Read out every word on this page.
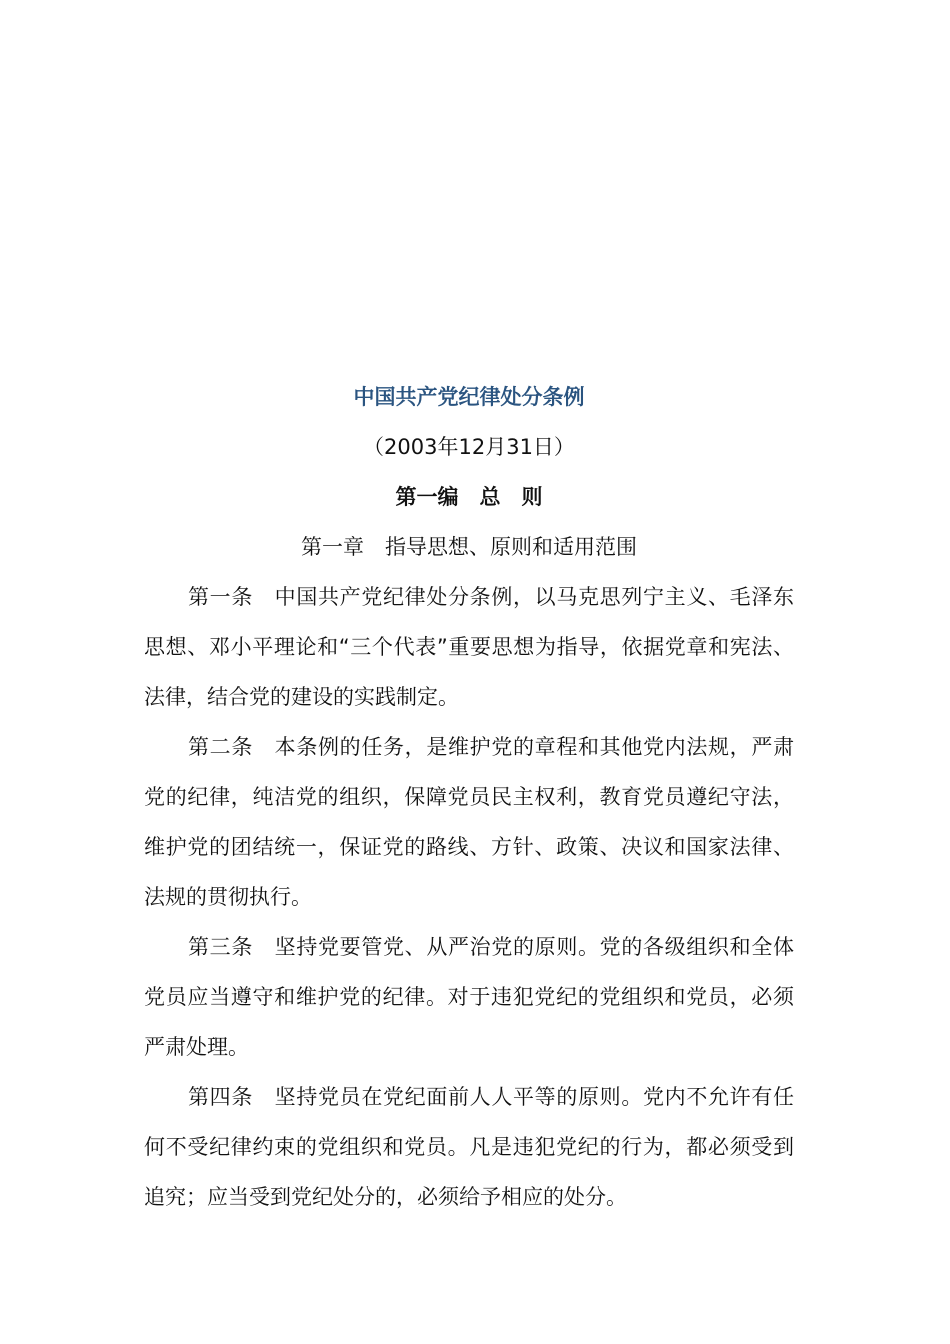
中国共产党纪律处分条例

（2003年12月31日）

第一编　总　则

第一章　指导思想、原则和适用范围

第一条　中国共产党纪律处分条例，以马克思列宁主义、毛泽东思想、邓小平理论和“三个代表”重要思想为指导，依据党章和宪法、法律，结合党的建设的实践制定。

第二条　本条例的任务，是维护党的章程和其他党内法规，严肃党的纪律，纯洁党的组织，保障党员民主权利，教育党员遵纪守法，维护党的团结统一，保证党的路线、方针、政策、决议和国家法律、法规的贯彻执行。

第三条　坚持党要管党、从严治党的原则。党的各级组织和全体党员应当遵守和维护党的纪律。对于违犯党纪的党组织和党员，必须严肃处理。

第四条　坚持党员在党纪面前人人平等的原则。党内不允许有任何不受纪律约束的党组织和党员。凡是违犯党纪的行为，都必须受到追究；应当受到党纪处分的，必须给予相应的处分。
